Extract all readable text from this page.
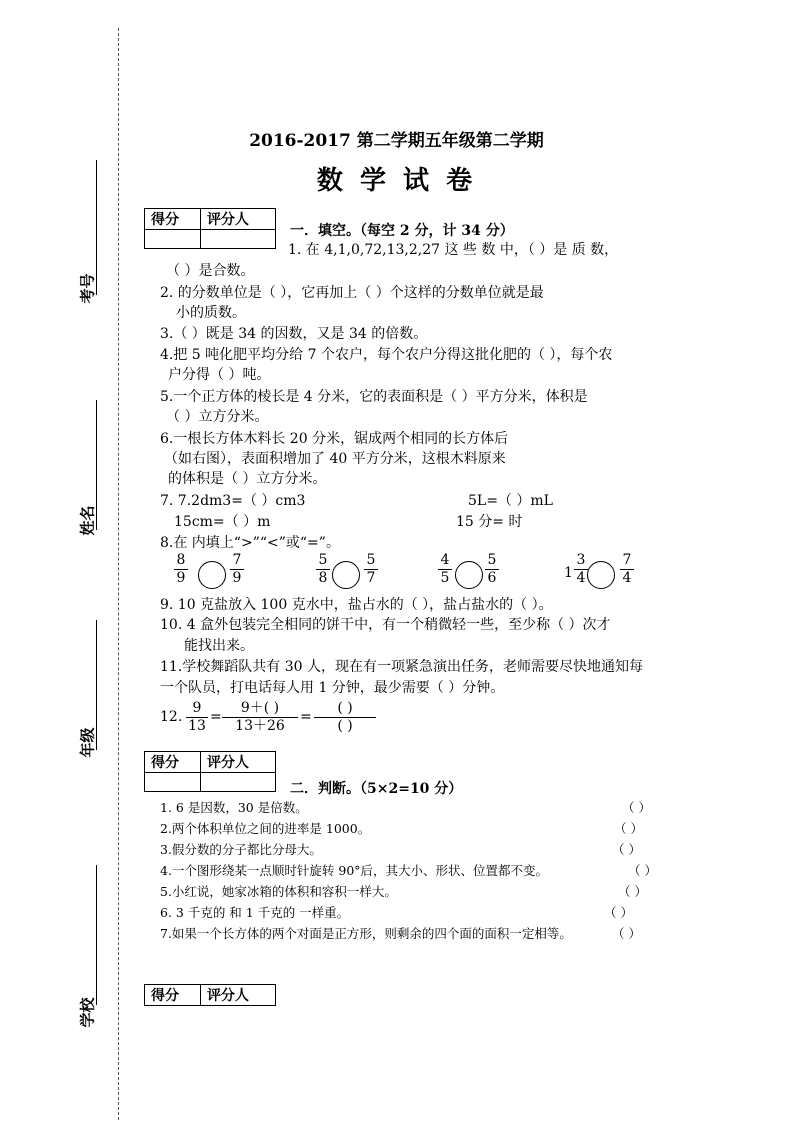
考号
姓名
年级
学校
2016-2017 第二学期五年级第二学期
数 学 试 卷
得分	评分人

一．填空。（每空 2 分，计 34 分）
1. 在 4,1,0,72,13,2,27 这 些 数 中，（ ）是 质 数，
（ ）是合数。
2. 的分数单位是（ ），它再加上（ ）个这样的分数单位就是最
小的质数。
3.（ ）既是 34 的因数，又是 34 的倍数。
4.把 5 吨化肥平均分给 7 个农户，每个农户分得这批化肥的（ ），每个农
户分得（ ）吨。
5.一个正方体的棱长是 4 分米，它的表面积是（ ）平方分米，体积是
（ ）立方分米。
6.一根长方体木料长 20 分米，锯成两个相同的长方体后
（如右图），表面积增加了 40 平方分米，这根木料原来
的体积是（ ）立方分米。
7. 7.2dm3=（ ）cm3	5L=（ ）mL
15cm=（ ）m	15 分= 时
8.在 内填上“>”“<”或“=”。
$\frac{8}{9}$	$\frac{7}{9}$	$\frac{5}{8} \frac{5}{7}$	$\frac{4}{5} \frac{5}{6}$	$1 \frac{3}{4} \frac{7}{4}$
9. 10 克盐放入 100 克水中，盐占水的（ ），盐占盐水的（ ）。
10. 4 盒外包装完全相同的饼干中，有一个稍微轻一些，至少称（ ）次才
能找出来。
11.学校舞蹈队共有 30 人，现在有一项紧急演出任务，老师需要尽快地通知每
一个队员，打电话每人用 1 分钟，最少需要（ ）分钟。
12. $\frac{9}{13} = \frac{9+( )}{13+26}$ =
( )
( )
得分	评分人

二．判断。（5×2=10 分）
1. 6 是因数，30 是倍数。	（ ）
2.两个体积单位之间的进率是 1000。	（ ）
3.假分数的分子都比分母大。	（ ）
4.一个图形绕某一点顺时针旋转 90°后，其大小、形状、位置都不变。	（ ）
5.小红说，她家冰箱的体积和容积一样大。	（ ）
6. 3 千克的 和 1 千克的 一样重。	（ ）
7.如果一个长方体的两个对面是正方形，则剩余的四个面的面积一定相等。	（ ）
得分	评分人
